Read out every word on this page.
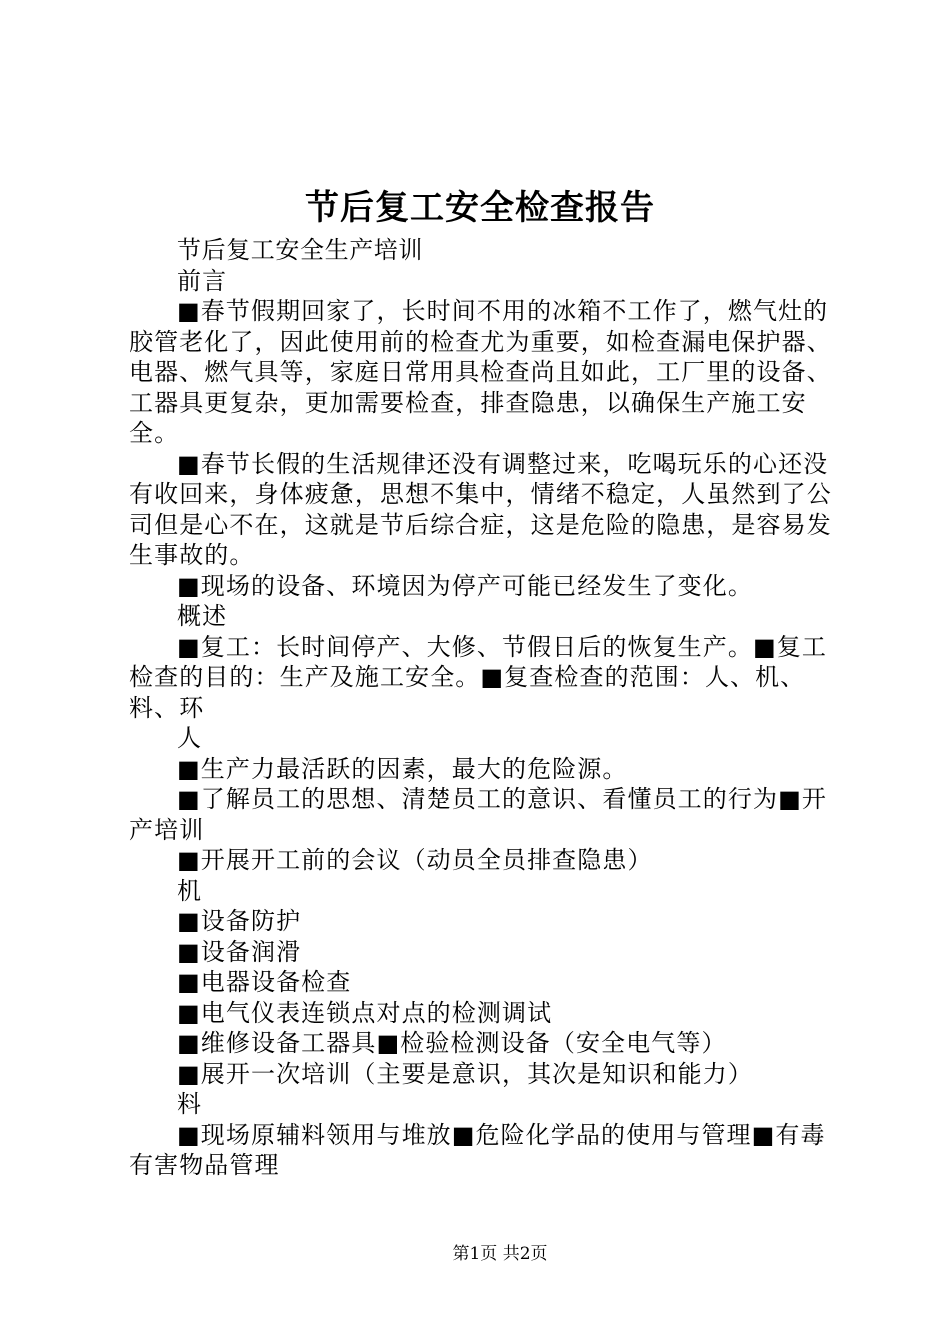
节后复工安全检查报告

节后复工安全生产培训

前言

■春节假期回家了，长时间不用的冰箱不工作了，燃气灶的胶管老化了，因此使用前的检查尤为重要，如检查漏电保护器、电器、燃气具等，家庭日常用具检查尚且如此，工厂里的设备、工器具更复杂，更加需要检查，排查隐患，以确保生产施工安全。

■春节长假的生活规律还没有调整过来，吃喝玩乐的心还没有收回来，身体疲惫，思想不集中，情绪不稳定，人虽然到了公司但是心不在，这就是节后综合症，这是危险的隐患，是容易发生事故的。

■现场的设备、环境因为停产可能已经发生了变化。

概述

■复工：长时间停产、大修、节假日后的恢复生产。■复工检查的目的：生产及施工安全。■复查检查的范围：人、机、料、环

人

■生产力最活跃的因素，最大的危险源。

■了解员工的思想、清楚员工的意识、看懂员工的行为■开产培训

■开展开工前的会议（动员全员排查隐患）

机

■设备防护

■设备润滑

■电器设备检查

■电气仪表连锁点对点的检测调试

■维修设备工器具■检验检测设备（安全电气等）

■展开一次培训（主要是意识，其次是知识和能力）

料

■现场原辅料领用与堆放■危险化学品的使用与管理■有毒有害物品管理

第1页 共2页
